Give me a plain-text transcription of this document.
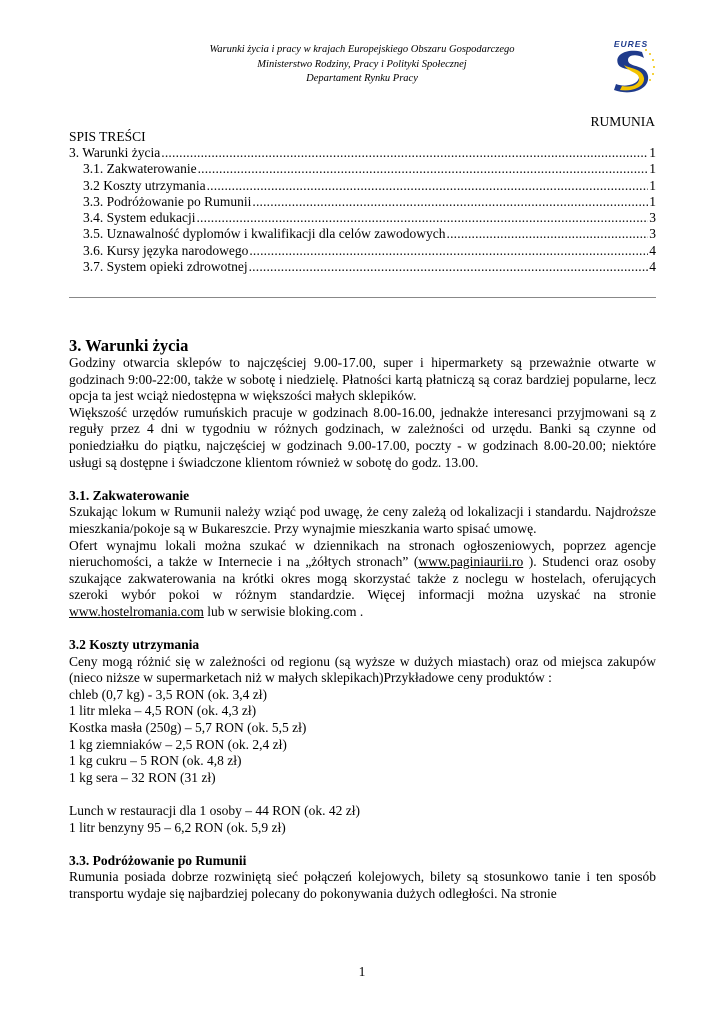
Warunki życia i pracy w krajach Europejskiego Obszaru Gospodarczego
Ministerstwo Rodziny, Pracy i Polityki Społecznej
Departament Rynku Pracy
EURES
RUMUNIA
SPIS TREŚCI
3. Warunki życia .....	1
3.1. Zakwaterowanie .....	1
3.2 Koszty utrzymania .....	1
3.3. Podróżowanie po Rumunii .....	1
3.4. System edukacji .....	3
3.5. Uznawalność dyplomów i kwalifikacji dla celów zawodowych .....	3
3.6. Kursy języka narodowego .....	4
3.7. System opieki zdrowotnej .....	4
3. Warunki życia

Godziny otwarcia sklepów to najczęściej 9.00-17.00, super i hipermarkety są przeważnie otwarte w godzinach 9:00-22:00, także w sobotę i niedzielę. Płatności kartą płatniczą są coraz bardziej popularne, lecz opcja ta jest wciąż niedostępna w większości małych sklepików.

Większość urzędów rumuńskich pracuje w godzinach 8.00-16.00, jednakże interesanci przyjmowani są z reguły przez 4 dni w tygodniu w różnych godzinach, w zależności od urzędu. Banki są czynne od poniedziałku do piątku, najczęściej w godzinach 9.00-17.00, poczty - w godzinach 8.00-20.00; niektóre usługi są dostępne i świadczone klientom również w sobotę do godz. 13.00.

3.1. Zakwaterowanie

Szukając lokum w Rumunii należy wziąć pod uwagę, że ceny zależą od lokalizacji i standardu. Najdroższe mieszkania/pokoje są w Bukareszcie. Przy wynajmie mieszkania warto spisać umowę.

Ofert wynajmu lokali można szukać w dziennikach na stronach ogłoszeniowych, poprzez agencje nieruchomości, a także w Internecie i na „żółtych stronach” (www.paginiaurii.ro ). Studenci oraz osoby szukające zakwaterowania na krótki okres mogą skorzystać także z noclegu w hostelach, oferujących szeroki wybór pokoi w różnym standardzie. Więcej informacji można uzyskać na stronie www.hostelromania.com lub w serwisie bloking.com .

3.2 Koszty utrzymania

Ceny mogą różnić się w zależności od regionu (są wyższe w dużych miastach) oraz od miejsca zakupów (nieco niższe w supermarketach niż w małych sklepikach)Przykładowe ceny produktów :

chleb (0,7 kg) - 3,5 RON (ok. 3,4 zł)
1 litr mleka – 4,5 RON (ok. 4,3 zł)
Kostka masła (250g) – 5,7 RON (ok. 5,5 zł)
1 kg ziemniaków – 2,5 RON (ok. 2,4 zł)
1 kg cukru – 5 RON (ok. 4,8 zł)
1 kg sera – 32 RON (31 zł)
Lunch w restauracji dla 1 osoby – 44 RON (ok. 42 zł)
1 litr benzyny 95 – 6,2 RON (ok. 5,9 zł)
3.3. Podróżowanie po Rumunii

Rumunia posiada dobrze rozwiniętą sieć połączeń kolejowych, bilety są stosunkowo tanie i ten sposób transportu wydaje się najbardziej polecany do pokonywania dużych odległości. Na stronie

1
